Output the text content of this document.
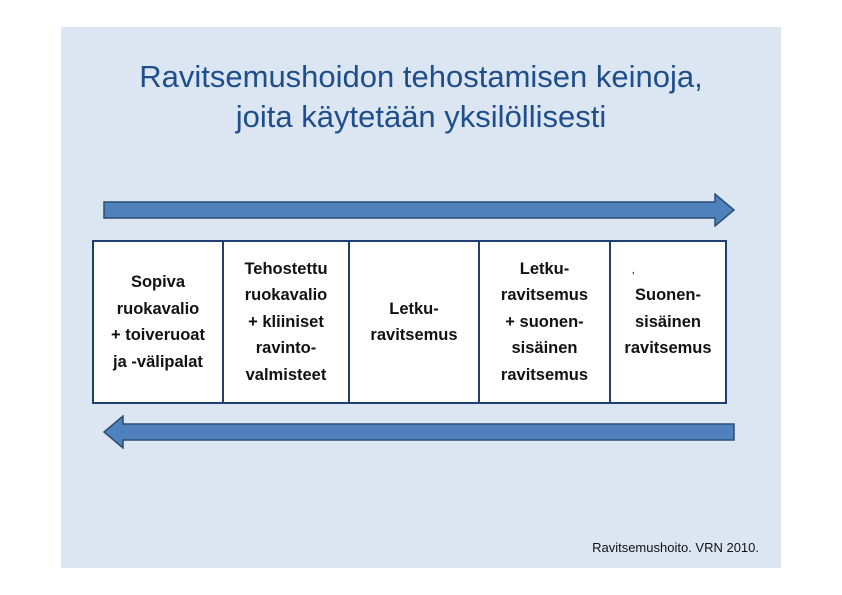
Ravitsemushoidon tehostamisen keinoja,
joita käytetään yksilöllisesti
Sopiva
ruokavalio
+ toiveruoat
ja -välipalat
Tehostettu
ruokavalio
+ kliiniset
ravinto-
valmisteet
Letku-
ravitsemus
Letku-
ravitsemus
+ suonen-
sisäinen
ravitsemus
‚
Suonen-
sisäinen
ravitsemus
Ravitsemushoito. VRN 2010.
